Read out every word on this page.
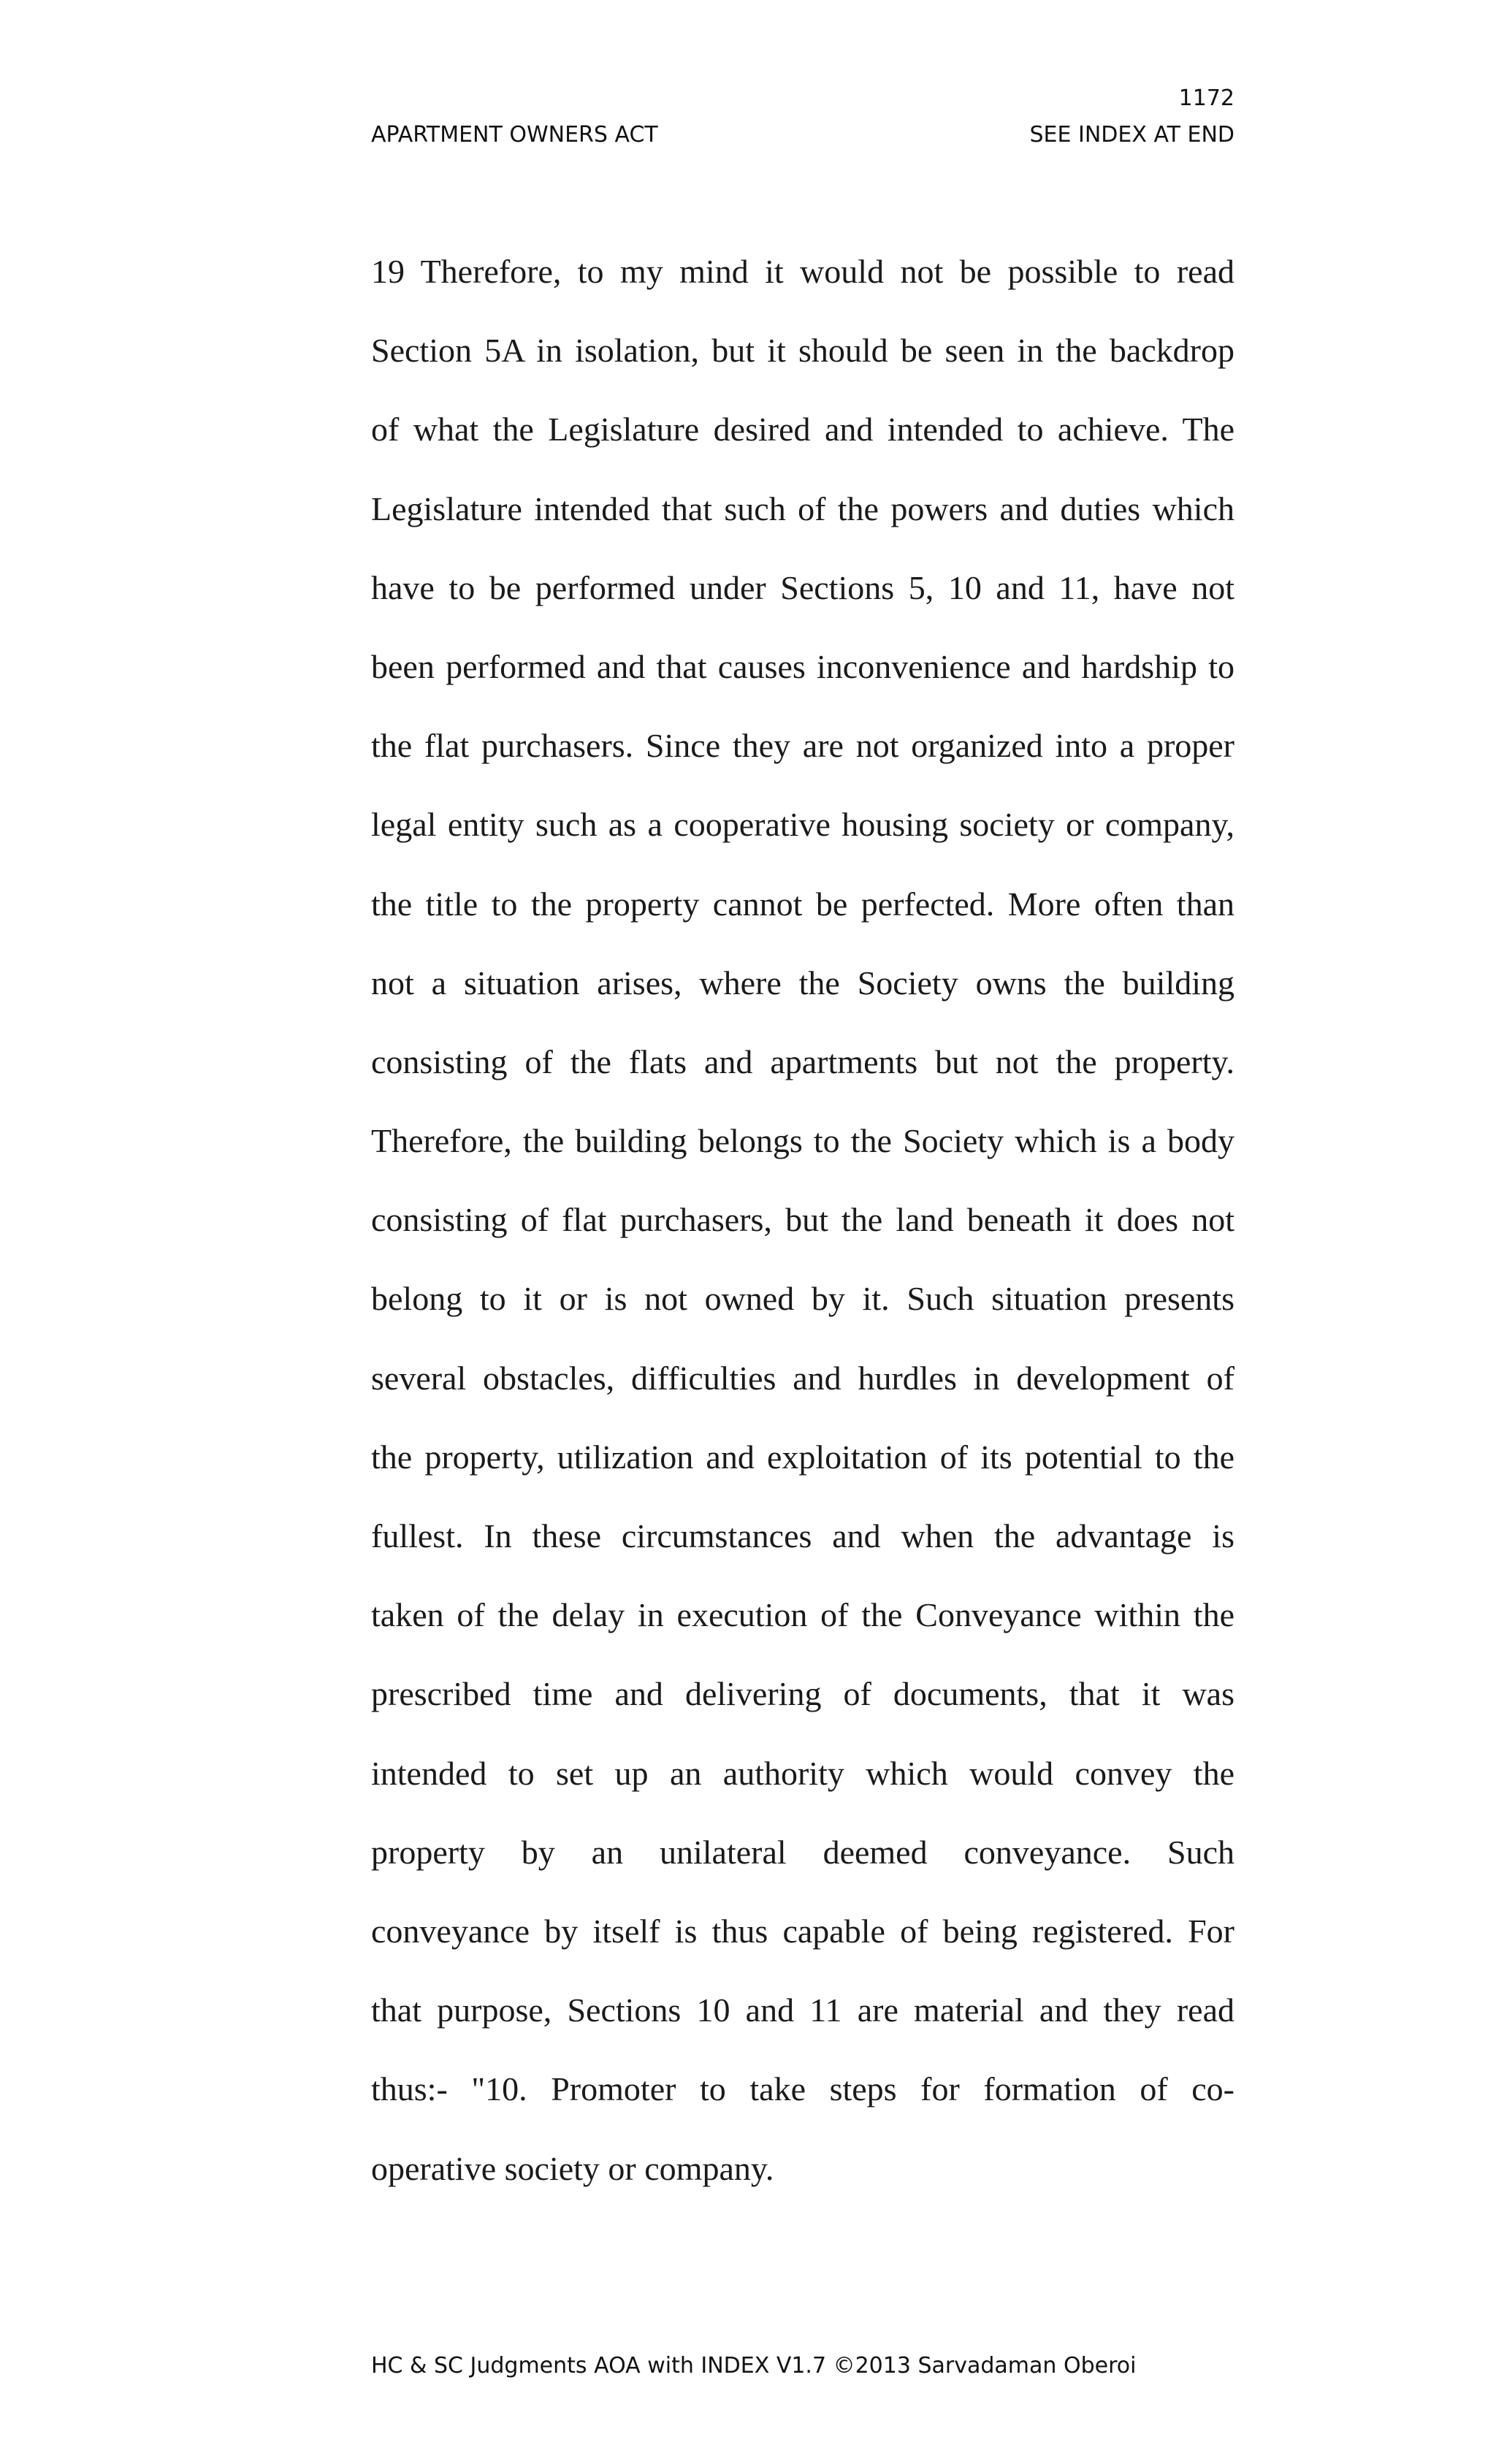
1172
APARTMENT OWNERS ACT	SEE INDEX AT END
19 Therefore, to my mind it would not be possible to read
Section 5A in isolation, but it should be seen in the backdrop
of what the Legislature desired and intended to achieve. The
Legislature intended that such of the powers and duties which
have to be performed under Sections 5, 10 and 11, have not
been performed and that causes inconvenience and hardship to
the flat purchasers. Since they are not organized into a proper
legal entity such as a cooperative housing society or company,
the title to the property cannot be perfected. More often than
not a situation arises, where the Society owns the building
consisting of the flats and apartments but not the property.
Therefore, the building belongs to the Society which is a body
consisting of flat purchasers, but the land beneath it does not
belong to it or is not owned by it. Such situation presents
several obstacles, difficulties and hurdles in development of
the property, utilization and exploitation of its potential to the
fullest. In these circumstances and when the advantage is
taken of the delay in execution of the Conveyance within the
prescribed time and delivering of documents, that it was
intended to set up an authority which would convey the
property by an unilateral deemed conveyance. Such
conveyance by itself is thus capable of being registered. For
that purpose, Sections 10 and 11 are material and they read
thus:- "10. Promoter to take steps for formation of co-
operative society or company.
HC & SC Judgments AOA with INDEX V1.7 ©2013 Sarvadaman Oberoi
